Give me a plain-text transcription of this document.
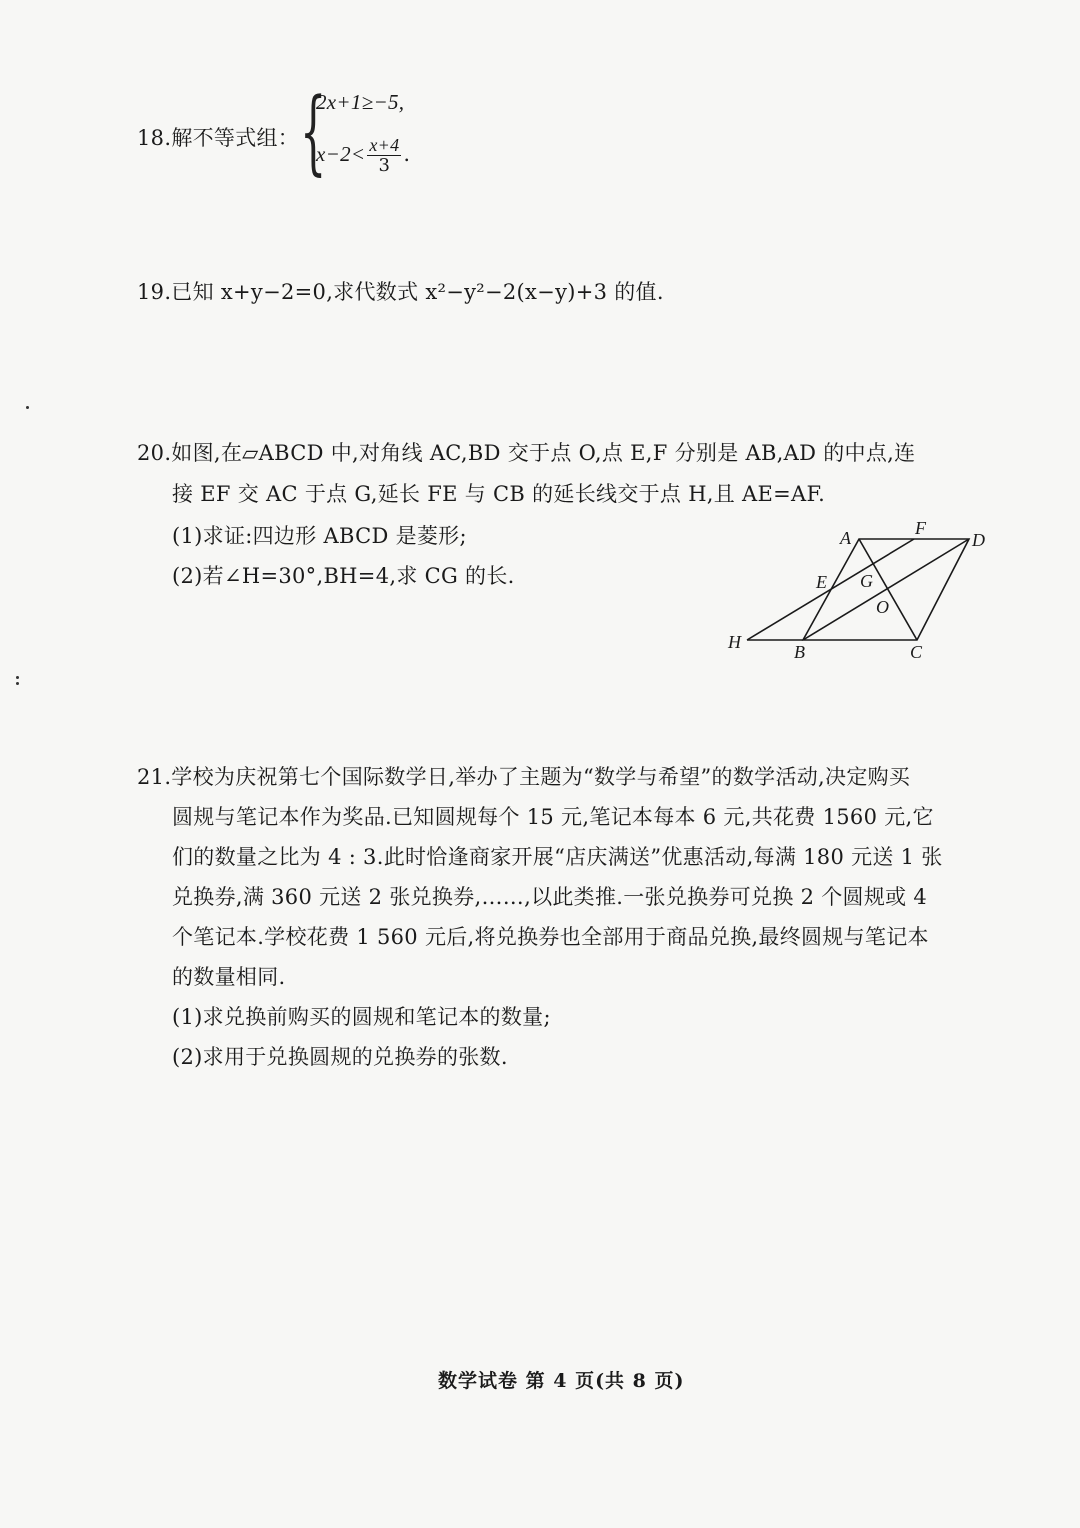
18.解不等式组： {
2x+1≥−5,
$x-2< \frac{x+4}{3}$ .
19.已知 x+y−2=0,求代数式 x²−y²−2(x−y)+3 的值.
20.如图,在▱ABCD 中,对角线 AC,BD 交于点 O,点 E,F 分别是 AB,AD 的中点,连
接 EF 交 AC 于点 G,延长 FE 与 CB 的延长线交于点 H,且 AE=AF.
(1)求证:四边形 ABCD 是菱形;
(2)若∠H=30°,BH=4,求 CG 的长.
A	F
D
E G
O
H	B	C
21.学校为庆祝第七个国际数学日,举办了主题为“数学与希望”的数学活动,决定购买
圆规与笔记本作为奖品.已知圆规每个 15 元,笔记本每本 6 元,共花费 1560 元,它
们的数量之比为 4 : 3.此时恰逢商家开展“店庆满送”优惠活动,每满 180 元送 1 张
兑换券,满 360 元送 2 张兑换券,……,以此类推.一张兑换券可兑换 2 个圆规或 4
个笔记本.学校花费 1 560 元后,将兑换券也全部用于商品兑换,最终圆规与笔记本
的数量相同.
(1)求兑换前购买的圆规和笔记本的数量;
(2)求用于兑换圆规的兑换券的张数.
数学试卷 第 4 页(共 8 页)
